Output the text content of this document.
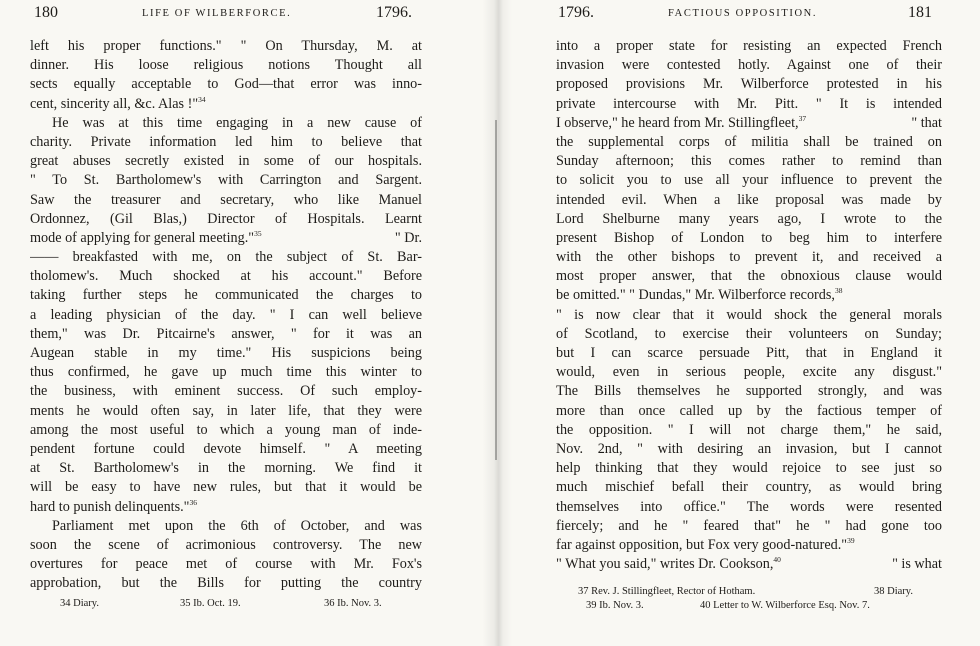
180	LIFE OF WILBERFORCE.	1796.
left his proper functions." " On Thursday, M. at
dinner. His loose religious notions Thought all
sects equally acceptable to God—that error was inno-
cent, sincerity all, &c. Alas !"$^{34}$
He was at this time engaging in a new cause of
charity. Private information led him to believe that
great abuses secretly existed in some of our hospitals.
" To St. Bartholomew's with Carrington and Sargent.
Saw the treasurer and secretary, who like Manuel
Ordonnez, (Gil Blas,) Director of Hospitals. Learnt
mode of applying for general meeting."$^{35}$	" Dr.
—— breakfasted with me, on the subject of St. Bar-
tholomew's. Much shocked at his account." Before
taking further steps he communicated the charges to
a leading physician of the day. " I can well believe
them," was Dr. Pitcairne's answer, " for it was an
Augean stable in my time." His suspicions being
thus confirmed, he gave up much time this winter to
the business, with eminent success. Of such employ-
ments he would often say, in later life, that they were
among the most useful to which a young man of inde-
pendent fortune could devote himself. " A meeting
at St. Bartholomew's in the morning. We find it
will be easy to have new rules, but that it would be
hard to punish delinquents."$^{36}$
Parliament met upon the 6th of October, and was
soon the scene of acrimonious controversy. The new
overtures for peace met of course with Mr. Fox's
approbation, but the Bills for putting the country
34 Diary.	35 Ib. Oct. 19.	36 Ib. Nov. 3.
1796.	FACTIOUS OPPOSITION.	181
into a proper state for resisting an expected French
invasion were contested hotly. Against one of their
proposed provisions Mr. Wilberforce protested in his
private intercourse with Mr. Pitt. " It is intended
I observe," he heard from Mr. Stillingfleet,$^{37}$	" that
the supplemental corps of militia shall be trained on
Sunday afternoon; this comes rather to remind than
to solicit you to use all your influence to prevent the
intended evil. When a like proposal was made by
Lord Shelburne many years ago, I wrote to the
present Bishop of London to beg him to interfere
with the other bishops to prevent it, and received a
most proper answer, that the obnoxious clause would
be omitted." " Dundas," Mr. Wilberforce records,$^{38}$
" is now clear that it would shock the general morals
of Scotland, to exercise their volunteers on Sunday;
but I can scarce persuade Pitt, that in England it
would, even in serious people, excite any disgust."
The Bills themselves he supported strongly, and was
more than once called up by the factious temper of
the opposition. " I will not charge them," he said,
Nov. 2nd, " with desiring an invasion, but I cannot
help thinking that they would rejoice to see just so
much mischief befall their country, as would bring
themselves into office." The words were resented
fiercely; and he " feared that" he " had gone too
far against opposition, but Fox very good-natured."$^{39}$
" What you said," writes Dr. Cookson,$^{40}$	" is what
37 Rev. J. Stillingfleet, Rector of Hotham.	38 Diary.
39 Ib. Nov. 3.	40 Letter to W. Wilberforce Esq. Nov. 7.
